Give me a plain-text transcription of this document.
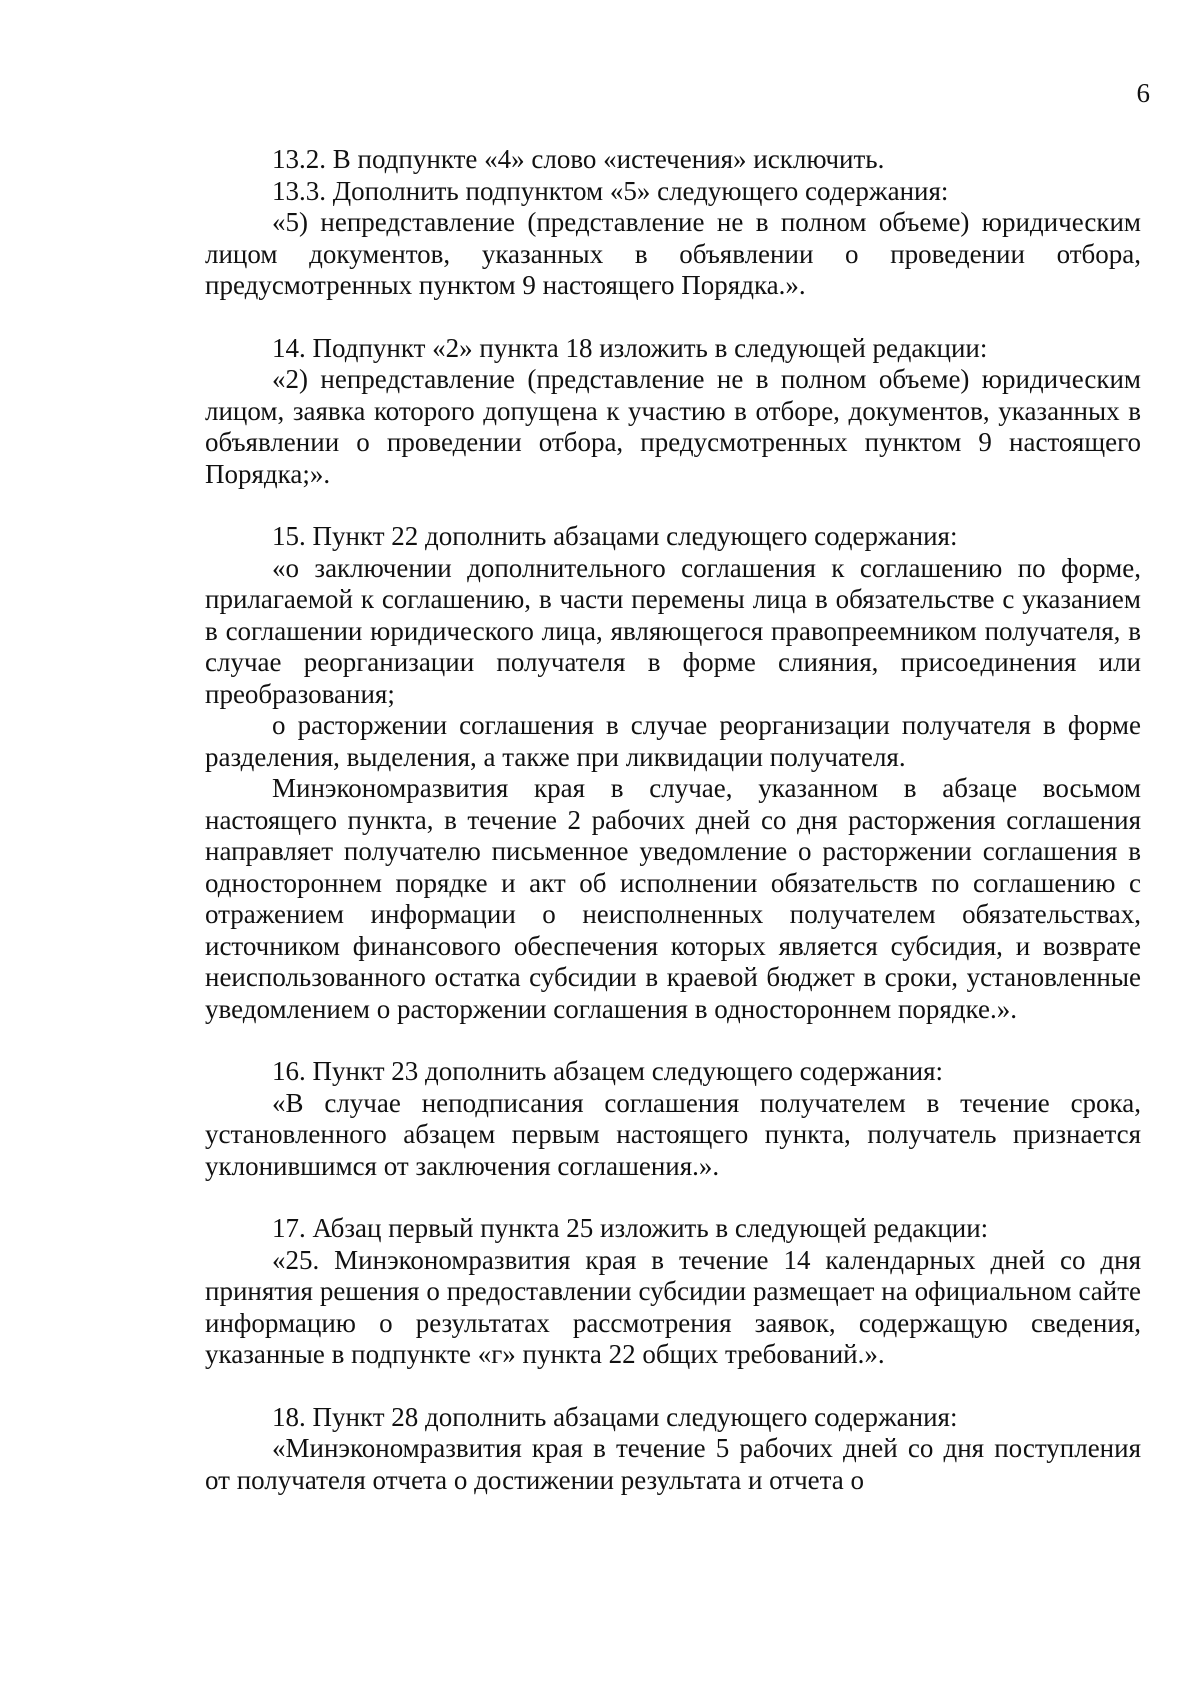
6

13.2. В подпункте «4» слово «истечения» исключить.

13.3. Дополнить подпунктом «5» следующего содержания:

«5) непредставление (представление не в полном объеме) юридическим лицом документов, указанных в объявлении о проведении отбора, предусмотренных пунктом 9 настоящего Порядка.».

14. Подпункт «2» пункта 18 изложить в следующей редакции:

«2) непредставление (представление не в полном объеме) юридическим лицом, заявка которого допущена к участию в отборе, документов, указанных в объявлении о проведении отбора, предусмотренных пунктом 9 настоящего Порядка;».

15. Пункт 22 дополнить абзацами следующего содержания:

«о заключении дополнительного соглашения к соглашению по форме, прилагаемой к соглашению, в части перемены лица в обязательстве с указанием в соглашении юридического лица, являющегося правопреемником получателя, в случае реорганизации получателя в форме слияния, присоединения или преобразования;

о расторжении соглашения в случае реорганизации получателя в форме разделения, выделения, а также при ликвидации получателя.

Минэкономразвития края в случае, указанном в абзаце восьмом настоящего пункта, в течение 2 рабочих дней со дня расторжения соглашения направляет получателю письменное уведомление о расторжении соглашения в одностороннем порядке и акт об исполнении обязательств по соглашению с отражением информации о неисполненных получателем обязательствах, источником финансового обеспечения которых является субсидия, и возврате неиспользованного остатка субсидии в краевой бюджет в сроки, установленные уведомлением о расторжении соглашения в одностороннем порядке.».

16. Пункт 23 дополнить абзацем следующего содержания:

«В случае неподписания соглашения получателем в течение срока, установленного абзацем первым настоящего пункта, получатель признается уклонившимся от заключения соглашения.».

17. Абзац первый пункта 25 изложить в следующей редакции:

«25. Минэкономразвития края в течение 14 календарных дней со дня принятия решения о предоставлении субсидии размещает на официальном сайте информацию о результатах рассмотрения заявок, содержащую сведения, указанные в подпункте «г» пункта 22 общих требований.».

18. Пункт 28 дополнить абзацами следующего содержания:

«Минэкономразвития края в течение 5 рабочих дней со дня поступления от получателя отчета о достижении результата и отчета о
